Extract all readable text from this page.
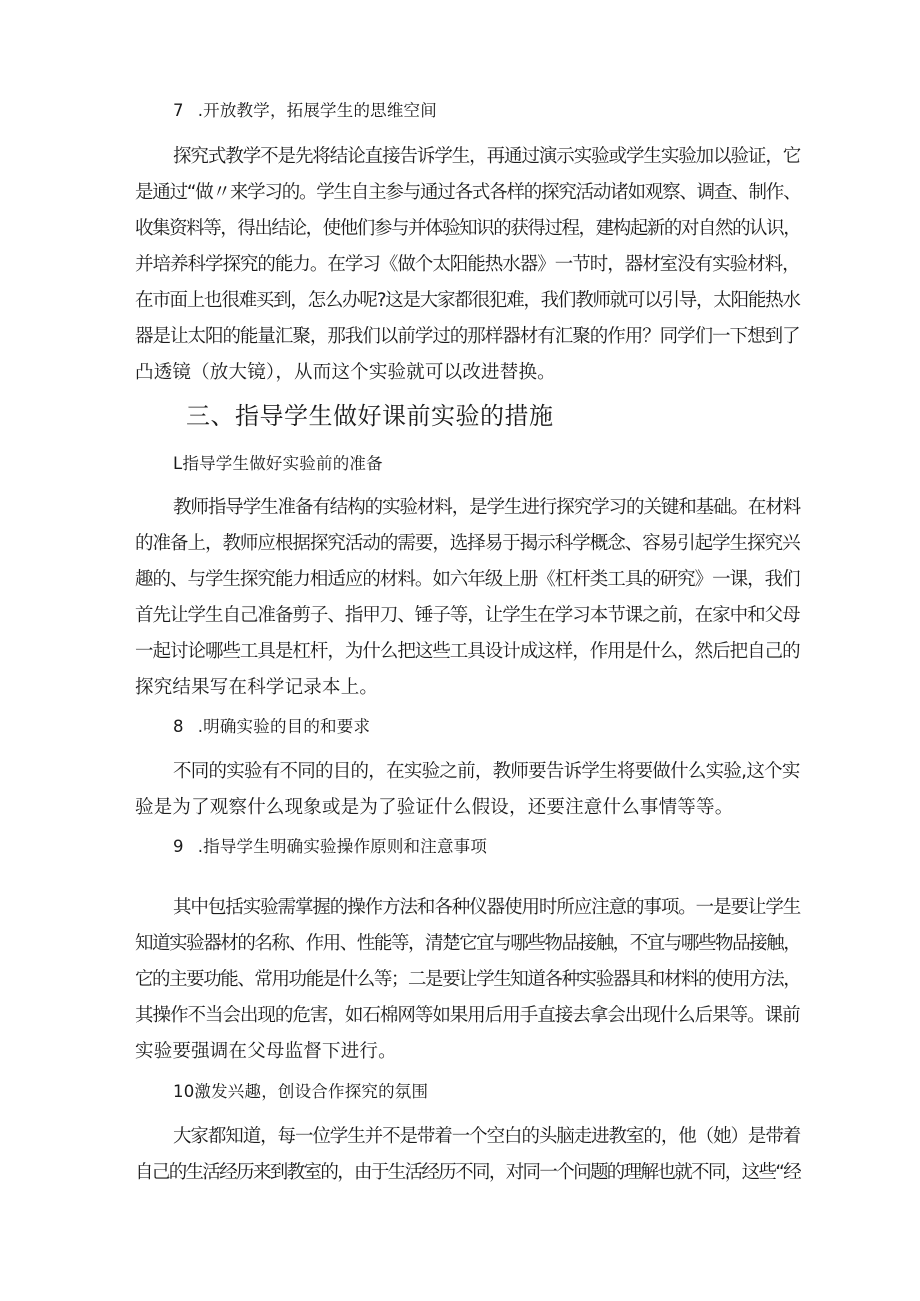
7 .开放教学，拓展学生的思维空间
探究式教学不是先将结论直接告诉学生，再通过演示实验或学生实验加以验证，它
是通过“做〃来学习的。学生自主参与通过各式各样的探究活动诸如观察、调查、制作、
收集资料等，得出结论，使他们参与并体验知识的获得过程，建构起新的对自然的认识，
并培养科学探究的能力。在学习《做个太阳能热水器》一节时，器材室没有实验材料，
在市面上也很难买到，怎么办呢?这是大家都很犯难，我们教师就可以引导，太阳能热水
器是让太阳的能量汇聚，那我们以前学过的那样器材有汇聚的作用？同学们一下想到了
凸透镜（放大镜），从而这个实验就可以改进替换。
三、指导学生做好课前实验的措施
L指导学生做好实验前的准备
教师指导学生准备有结构的实验材料，是学生进行探究学习的关键和基础。在材料
的准备上，教师应根据探究活动的需要，选择易于揭示科学概念、容易引起学生探究兴
趣的、与学生探究能力相适应的材料。如六年级上册《杠杆类工具的研究》一课，我们
首先让学生自己准备剪子、指甲刀、锤子等，让学生在学习本节课之前，在家中和父母
一起讨论哪些工具是杠杆，为什么把这些工具设计成这样，作用是什么，然后把自己的
探究结果写在科学记录本上。
8 .明确实验的目的和要求
不同的实验有不同的目的，在实验之前，教师要告诉学生将要做什么实验,这个实
验是为了观察什么现象或是为了验证什么假设，还要注意什么事情等等。
9 .指导学生明确实验操作原则和注意事项
其中包括实验需掌握的操作方法和各种仪器使用时所应注意的事项。一是要让学生
知道实验器材的名称、作用、性能等，清楚它宜与哪些物品接触，不宜与哪些物品接触，
它的主要功能、常用功能是什么等；二是要让学生知道各种实验器具和材料的使用方法，
其操作不当会出现的危害，如石棉网等如果用后用手直接去拿会出现什么后果等。课前
实验要强调在父母监督下进行。
10激发兴趣，创设合作探究的氛围
大家都知道，每一位学生并不是带着一个空白的头脑走进教室的，他（她）是带着
自己的生活经历来到教室的，由于生活经历不同，对同一个问题的理解也就不同，这些“经
